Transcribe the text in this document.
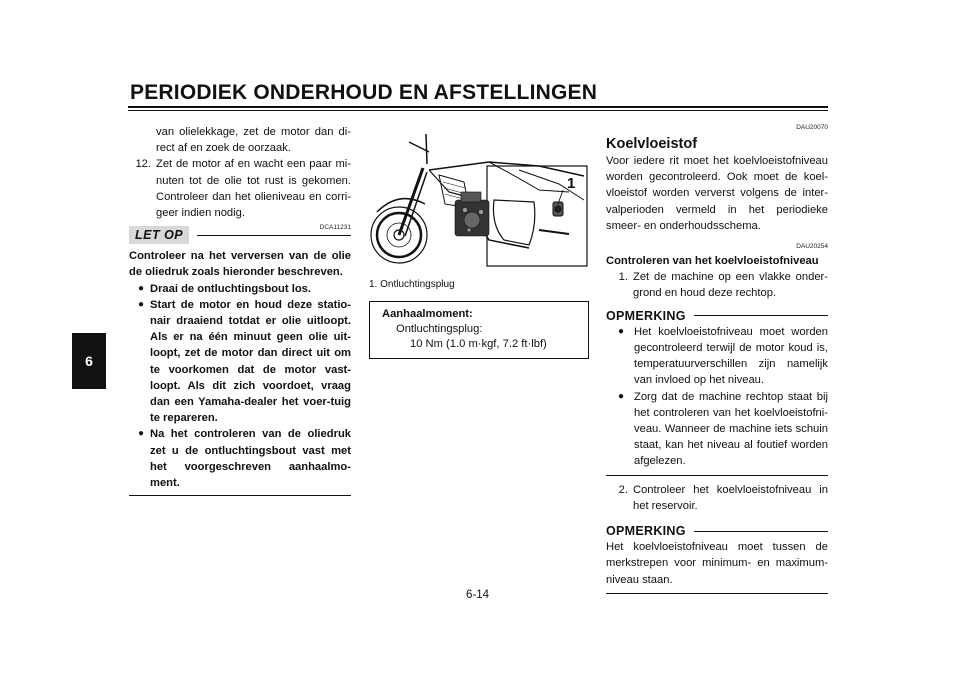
PERIODIEK ONDERHOUD EN AFSTELLINGEN
6
van olielekkage, zet de motor dan di-rect af en zoek de oorzaak.
12. Zet de motor af en wacht een paar mi-nuten tot de olie tot rust is gekomen. Controleer dan het olieniveau en corri-geer indien nodig.
DCA11231
LET OP
Controleer na het verversen van de olie de oliedruk zoals hieronder beschreven.
● Draai de ontluchtingsbout los.
● Start de motor en houd deze statio-nair draaiend totdat er olie uitloopt. Als er na één minuut geen olie uit-loopt, zet de motor dan direct uit om te voorkomen dat de motor vast-loopt. Als dit zich voordoet, vraag dan een Yamaha-dealer het voer-tuig te repareren.
● Na het controleren van de oliedruk zet u de ontluchtingsbout vast met het voorgeschreven aanhaalmo-ment.
1
1. Ontluchtingsplug
Aanhaalmoment:
Ontluchtingsplug:
10 Nm (1.0 m·kgf, 7.2 ft·lbf)
DAU20070
Koelvloeistof
Voor iedere rit moet het koelvloeistofniveau worden gecontroleerd. Ook moet de koel-vloeistof worden ververst volgens de inter-valperioden vermeld in het periodieke smeer- en onderhoudsschema.
DAU20254
Controleren van het koelvloeistofniveau
1. Zet de machine op een vlakke onder-grond en houd deze rechtop.
OPMERKING
● Het koelvloeistofniveau moet worden gecontroleerd terwijl de motor koud is, temperatuurverschillen zijn namelijk van invloed op het niveau.
● Zorg dat de machine rechtop staat bij het controleren van het koelvloeistofni-veau. Wanneer de machine iets schuin staat, kan het niveau al foutief worden afgelezen.
2. Controleer het koelvloeistofniveau in het reservoir.
OPMERKING
Het koelvloeistofniveau moet tussen de merkstrepen voor minimum- en maximum-niveau staan.
6-14
